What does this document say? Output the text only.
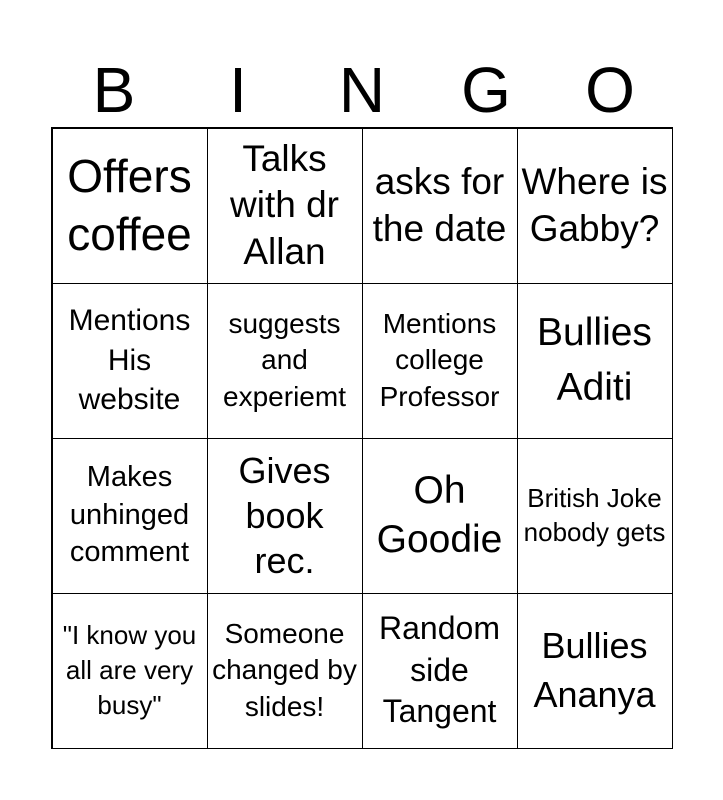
B	I	N	G	O
Offers coffee
Talks with dr Allan
asks for the date
Where is Gabby?
Mentions His website
suggests and experiemt
Mentions college Professor
Bullies Aditi
Makes unhinged comment
Gives book rec.
Oh Goodie
British Joke nobody gets
"I know you all are very busy"
Someone changed by slides!
Random side Tangent
Bullies Ananya
